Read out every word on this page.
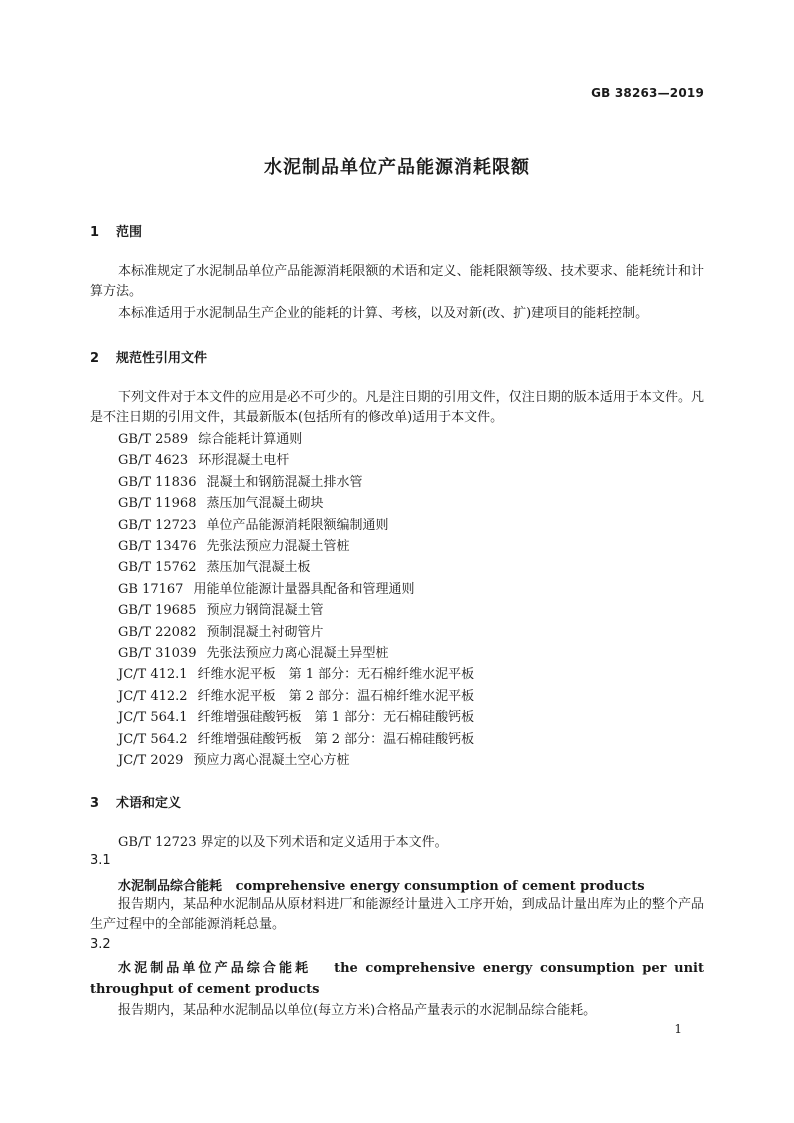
GB 38263—2019
水泥制品单位产品能源消耗限额
1 范围
本标准规定了水泥制品单位产品能源消耗限额的术语和定义、能耗限额等级、技术要求、能耗统计和计算方法。
本标准适用于水泥制品生产企业的能耗的计算、考核，以及对新(改、扩)建项目的能耗控制。
2 规范性引用文件
下列文件对于本文件的应用是必不可少的。凡是注日期的引用文件，仅注日期的版本适用于本文件。凡是不注日期的引用文件，其最新版本(包括所有的修改单)适用于本文件。
GB/T 2589 综合能耗计算通则
GB/T 4623 环形混凝土电杆
GB/T 11836 混凝土和钢筋混凝土排水管
GB/T 11968 蒸压加气混凝土砌块
GB/T 12723 单位产品能源消耗限额编制通则
GB/T 13476 先张法预应力混凝土管桩
GB/T 15762 蒸压加气混凝土板
GB 17167 用能单位能源计量器具配备和管理通则
GB/T 19685 预应力钢筒混凝土管
GB/T 22082 预制混凝土衬砌管片
GB/T 31039 先张法预应力离心混凝土异型桩
JC/T 412.1 纤维水泥平板　第 1 部分：无石棉纤维水泥平板
JC/T 412.2 纤维水泥平板　第 2 部分：温石棉纤维水泥平板
JC/T 564.1 纤维增强硅酸钙板　第 1 部分：无石棉硅酸钙板
JC/T 564.2 纤维增强硅酸钙板　第 2 部分：温石棉硅酸钙板
JC/T 2029 预应力离心混凝土空心方桩
3 术语和定义
GB/T 12723 界定的以及下列术语和定义适用于本文件。
3.1
水泥制品综合能耗 comprehensive energy consumption of cement products
报告期内，某品种水泥制品从原材料进厂和能源经计量进入工序开始，到成品计量出库为止的整个产品生产过程中的全部能源消耗总量。
3.2
水泥制品单位产品综合能耗 the comprehensive energy consumption per unit throughput of cement products
报告期内，某品种水泥制品以单位(每立方米)合格品产量表示的水泥制品综合能耗。
1
